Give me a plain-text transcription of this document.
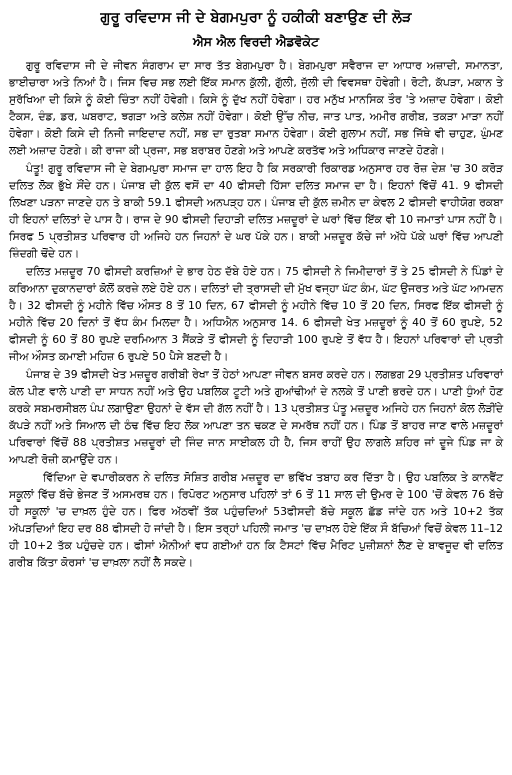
ਗੁਰੂ ਰਵਿਦਾਸ ਜੀ ਦੇ ਬੇਗਮਪੁਰਾ ਨੂੰ ਹਕੀਕੀ ਬਣਾਉਣ ਦੀ ਲੋੜ
ਐਸ ਐਲ ਵਿਰਦੀ ਐਡਵੋਕੇਟ

ਗੁਰੂ ਰਵਿਦਾਸ ਜੀ ਦੇ ਜੀਵਨ ਸੰਗਰਾਮ ਦਾ ਸਾਰ ਤੱਤ ਬੇਗਮਪੁਰਾ ਹੈ। ਬੇਗਮਪੁਰਾ ਸਵੈਰਾਜ ਦਾ ਆਧਾਰ ਅਜ਼ਾਦੀ, ਸਮਾਨਤਾ, ਭਾਈਚਾਰਾ ਅਤੇ ਨਿਆਂ ਹੈ। ਜਿਸ ਵਿਚ ਸਭ ਲਈ ਇੱਕ ਸਮਾਨ ਕੁੱਲੀ, ਗੁੱਲੀ, ਜੁੱਲੀ ਦੀ ਵਿਵਸਥਾ ਹੋਵੇਗੀ। ਰੋਟੀ, ਕੱਪੜਾ, ਮਕਾਨ ਤੇ ਸੁਰੱਖਿਆ ਦੀ ਕਿਸੇ ਨੂੰ ਕੋਈ ਚਿੰਤਾ ਨਹੀਂ ਹੋਵੇਗੀ। ਕਿਸੇ ਨੂੰ ਦੁੱਖ ਨਹੀਂ ਹੋਵੇਗਾ। ਹਰ ਮਨੁੱਖ ਮਾਨਸਿਕ ਤੌਰ 'ਤੇ ਅਜ਼ਾਦ ਹੋਵੇਗਾ। ਕੋਈ ਟੈਕਸ, ਦੰਡ, ਡਰ, ਘਬਰਾਟ, ਝਗੜਾ ਅਤੇ ਕਲੇਸ਼ ਨਹੀਂ ਹੋਵੇਗਾ। ਕੋਈ ਉੱਚ ਨੀਚ, ਜਾਤ ਪਾਤ, ਅਮੀਰ ਗਰੀਬ, ਤਕੜਾ ਮਾੜਾ ਨਹੀਂ ਹੋਵੇਗਾ। ਕੋਈ ਕਿਸੇ ਦੀ ਨਿਜੀ ਜਾਇਦਾਦ ਨਹੀਂ, ਸਭ ਦਾ ਰੁਤਬਾ ਸਮਾਨ ਹੋਵੇਗਾ। ਕੋਈ ਗੁਲਾਮ ਨਹੀਂ, ਸਭ ਜਿੱਥੇ ਵੀ ਚਾਹੁਣ, ਘੁੰਮਣ ਲਈ ਅਜ਼ਾਦ ਹੋਣਗੇ। ਕੀ ਰਾਜਾ ਕੀ ਪ੍ਰਜਾ, ਸਭ ਬਰਾਬਰ ਹੋਣਗੇ ਅਤੇ ਆਪਣੇ ਕਰਤੱਵ ਅਤੇ ਅਧਿਕਾਰ ਜਾਣਦੇ ਹੋਣਗੇ।

ਪੰਤੂ! ਗੁਰੂ ਰਵਿਦਾਸ ਜੀ ਦੇ ਬੇਗਮਪੁਰਾ ਸਮਾਜ ਦਾ ਹਾਲ ਇਹ ਹੈ ਕਿ ਸਰਕਾਰੀ ਰਿਕਾਰਡ ਅਨੁਸਾਰ ਹਰ ਰੋਜ਼ ਦੇਸ਼ 'ਚ 30 ਕਰੋੜ ਦਲਿਤ ਲੋਕ ਭੁੱਖੇ ਸੌਂਦੇ ਹਨ। ਪੰਜਾਬ ਦੀ ਕੁੱਲ ਵਸੋਂ ਦਾ 40 ਫੀਸਦੀ ਹਿੱਸਾ ਦਲਿਤ ਸਮਾਜ ਦਾ ਹੈ। ਇਹਨਾਂ ਵਿੱਚੋਂ 41. 9 ਫੀਸਦੀ ਲਿਖਣਾ ਪੜਨਾ ਜਾਣਦੇ ਹਨ ਤੇ ਬਾਕੀ 59.1 ਫੀਸਦੀ ਅਨਪੜ੍ਹ ਹਨ। ਪੰਜਾਬ ਦੀ ਕੁੱਲ ਜ਼ਮੀਨ ਦਾ ਕੇਵਲ 2 ਫੀਸਦੀ ਵਾਹੀਯੋਗ ਰਕਬਾ ਹੀ ਇਹਨਾਂ ਦਲਿਤਾਂ ਦੇ ਪਾਸ ਹੈ। ਰਾਜ ਦੇ 90 ਫੀਸਦੀ ਦਿਹਾੜੀ ਦਲਿਤ ਮਜ਼ਦੂਰਾਂ ਦੇ ਘਰਾਂ ਵਿੱਚ ਇੱਕ ਵੀ 10 ਜਮਾਤਾਂ ਪਾਸ ਨਹੀਂ ਹੈ। ਸਿਰਫ 5 ਪ੍ਰਤੀਸ਼ਤ ਪਰਿਵਾਰ ਹੀ ਅਜਿਹੇ ਹਨ ਜਿਹਨਾਂ ਦੇ ਘਰ ਪੱਕੇ ਹਨ। ਬਾਕੀ ਮਜ਼ਦੂਰ ਕੱਚੇ ਜਾਂ ਅੱਧੇ ਪੱਕੇ ਘਰਾਂ ਵਿੱਚ ਆਪਣੀ ਜ਼ਿੰਦਗੀ ਢੋਂਦੇ ਹਨ।

ਦਲਿਤ ਮਜ਼ਦੂਰ 70 ਫੀਸਦੀ ਕਰਜ਼ਿਆਂ ਦੇ ਭਾਰ ਹੇਠ ਦੱਬੇ ਹੋਏ ਹਨ। 75 ਫੀਸਦੀ ਨੇ ਜਿਮੀਦਾਰਾਂ ਤੋਂ ਤੇ 25 ਫੀਸਦੀ ਨੇ ਪਿੰਡਾਂ ਦੇ ਕਰਿਆਨਾ ਦੁਕਾਨਦਾਰਾਂ ਕੋਲੋਂ ਕਰਜ਼ੇ ਲਏ ਹੋਏ ਹਨ। ਦਲਿਤਾਂ ਦੀ ਤ੍ਰਾਸਦੀ ਦੀ ਮੁੱਖ ਵਜ੍ਹਾ ਘੱਟ ਕੰਮ, ਘੱਟ ਉਜਰਤ ਅਤੇ ਘੱਟ ਆਮਦਨ ਹੈ। 32 ਫੀਸਦੀ ਨੂੰ ਮਹੀਨੇ ਵਿੱਚ ਔਸਤ 8 ਤੋਂ 10 ਦਿਨ, 67 ਫੀਸਦੀ ਨੂੰ ਮਹੀਨੇ ਵਿੱਚ 10 ਤੋਂ 20 ਦਿਨ, ਸਿਰਫ ਇੱਕ ਫੀਸਦੀ ਨੂੰ ਮਹੀਨੇ ਵਿੱਚ 20 ਦਿਨਾਂ ਤੋਂ ਵੱਧ ਕੰਮ ਮਿਲਦਾ ਹੈ। ਅਧਿਐਨ ਅਨੁਸਾਰ 14. 6 ਫੀਸਦੀ ਖੇਤ ਮਜ਼ਦੂਰਾਂ ਨੂੰ 40 ਤੋਂ 60 ਰੁਪਏ, 52 ਫੀਸਦੀ ਨੂੰ 60 ਤੋਂ 80 ਰੁਪਏ ਦਰਮਿਆਨ 3 ਸੈਂਕੜੇ ਤੋਂ ਫੀਸਦੀ ਨੂੰ ਦਿਹਾੜੀ 100 ਰੁਪਏ ਤੋਂ ਵੱਧ ਹੈ। ਇਹਨਾਂ ਪਰਿਵਾਰਾਂ ਦੀ ਪ੍ਰਤੀ ਜੀਅ ਔਸਤ ਕਮਾਈ ਮਹਿਜ਼ 6 ਰੁਪਏ 50 ਪੈਸੇ ਬਣਦੀ ਹੈ।

ਪੰਜਾਬ ਦੇ 39 ਫੀਸਦੀ ਖੇਤ ਮਜ਼ਦੂਰ ਗਰੀਬੀ ਰੇਖਾ ਤੋਂ ਹੇਠਾਂ ਆਪਣਾ ਜੀਵਨ ਬਸਰ ਕਰਦੇ ਹਨ। ਲਗਭਗ 29 ਪ੍ਰਤੀਸ਼ਤ ਪਰਿਵਾਰਾਂ ਕੋਲ ਪੀਣ ਵਾਲੇ ਪਾਣੀ ਦਾ ਸਾਧਨ ਨਹੀਂ ਅਤੇ ਉਹ ਪਬਲਿਕ ਟੂਟੀ ਅਤੇ ਗੁਆਂਢੀਆਂ ਦੇ ਨਲਕੇ ਤੋਂ ਪਾਣੀ ਭਰਦੇ ਹਨ। ਪਾਣੀ ਧੁੰਆਂ ਹੋਣ ਕਰਕੇ ਸਬਮਰਸੀਬਲ ਪੰਪ ਲਗਾਉਣਾ ਉਹਨਾਂ ਦੇ ਵੱਸ ਦੀ ਗੱਲ ਨਹੀਂ ਹੈ। 13 ਪ੍ਰਤੀਸ਼ਤ ਪੰਤੂ ਮਜ਼ਦੂਰ ਅਜਿਹੇ ਹਨ ਜਿਹਨਾਂ ਕੋਲ ਲੋੜੀਂਦੇ ਕੱਪੜੇ ਨਹੀਂ ਅਤੇ ਸਿਆਲ ਦੀ ਠੰਢ ਵਿੱਚ ਇਹ ਲੋਕ ਆਪਣਾ ਤਨ ਢਕਣ ਦੇ ਸਮਰੱਥ ਨਹੀਂ ਹਨ। ਪਿੰਡ ਤੋਂ ਬਾਹਰ ਜਾਣ ਵਾਲੇ ਮਜ਼ਦੂਰਾਂ ਪਰਿਵਾਰਾਂ ਵਿੱਚੋਂ 88 ਪ੍ਰਤੀਸ਼ਤ ਮਜ਼ਦੂਰਾਂ ਦੀ ਜਿੰਦ ਜਾਨ ਸਾਈਕਲ ਹੀ ਹੈ, ਜਿਸ ਰਾਹੀਂ ਉਹ ਲਾਗਲੇ ਸ਼ਹਿਰ ਜਾਂ ਦੂਜੇ ਪਿੰਡ ਜਾ ਕੇ ਆਪਣੀ ਰੋਜ਼ੀ ਕਮਾਉਂਦੇ ਹਨ।

ਵਿੱਦਿਆ ਦੇ ਵਪਾਰੀਕਰਨ ਨੇ ਦਲਿਤ ਸੋਸ਼ਿਤ ਗਰੀਬ ਮਜ਼ਦੂਰ ਦਾ ਭਵਿੱਖ ਤਬਾਹ ਕਰ ਦਿੱਤਾ ਹੈ। ਉਹ ਪਬਲਿਕ ਤੇ ਕਾਨਵੈਂਟ ਸਕੂਲਾਂ ਵਿੱਚ ਬੱਚੇ ਭੇਜਣ ਤੋਂ ਅਸਮਰਥ ਹਨ। ਰਿਪੋਰਟ ਅਨੁਸਾਰ ਪਹਿਲਾਂ ਤਾਂ 6 ਤੋਂ 11 ਸਾਲ ਦੀ ਉਮਰ ਦੇ 100 'ਚੋਂ ਕੇਵਲ 76 ਬੱਚੇ ਹੀ ਸਕੂਲਾਂ 'ਚ ਦਾਖ਼ਲ ਹੁੰਦੇ ਹਨ। ਫਿਰ ਅੱਠਵੀਂ ਤੱਕ ਪਹੁੰਚਦਿਆਂ 53ਫੀਸਦੀ ਬੱਚੇ ਸਕੂਲ ਛੱਡ ਜਾਂਦੇ ਹਨ ਅਤੇ 10+2 ਤੱਕ ਅੱਪੜਦਿਆਂ ਇਹ ਦਰ 88 ਫੀਸਦੀ ਹੋ ਜਾਂਦੀ ਹੈ। ਇਸ ਤਰ੍ਹਾਂ ਪਹਿਲੀ ਜਮਾਤ 'ਚ ਦਾਖ਼ਲ ਹੋਏ ਇੱਕ ਸੌ ਬੱਚਿਆਂ ਵਿਚੋਂ ਕੇਵਲ 11–12 ਹੀ 10+2 ਤੱਕ ਪਹੁੰਚਦੇ ਹਨ। ਫੀਸਾਂ ਐਨੀਆਂ ਵਧ ਗਈਆਂ ਹਨ ਕਿ ਟੈਸਟਾਂ ਵਿੱਚ ਮੈਰਿਟ ਪੁਜ਼ੀਸ਼ਨਾਂ ਲੈਣ ਦੇ ਬਾਵਜੂਦ ਵੀ ਦਲਿਤ ਗਰੀਬ ਕਿੱਤਾ ਕੋਰਸਾਂ 'ਚ ਦਾਖ਼ਲਾ ਨਹੀਂ ਲੈ ਸਕਦੇ।
